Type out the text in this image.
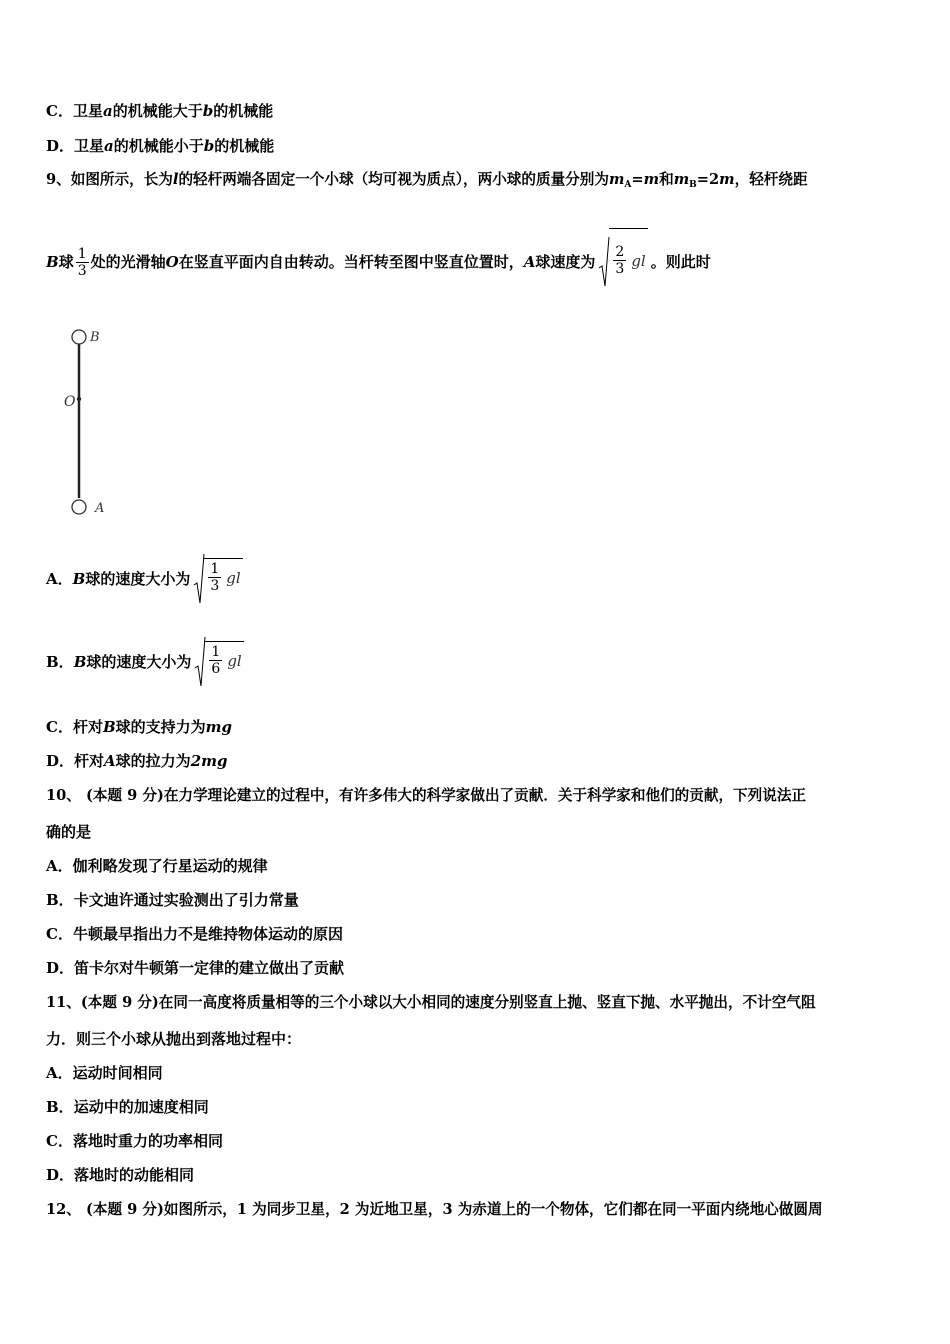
C．卫星a的机械能大于b的机械能
D．卫星a的机械能小于b的机械能
9、如图所示，长为l的轻杆两端各固定一个小球（均可视为质点），两小球的质量分别为$m_A=m$和$m_B=2m$，轻杆绕距
B 球 $\frac{1}{3}$ 处的光滑轴 O 在竖直平面内自由转动。当杆转至图中竖直位置时， A 球速度为 $\frac{2}{3}$ gl 。则此时
B
O
A
A． B 球的速度大小为 $\frac{1}{3}$ gl
B． B 球的速度大小为 $\frac{1}{6}$ gl
C．杆对B球的支持力为mg
D．杆对A球的拉力为2mg
10、 (本题 9 分)在力学理论建立的过程中，有许多伟大的科学家做出了贡献．关于科学家和他们的贡献，下列说法正
确的是
A．伽利略发现了行星运动的规律
B．卡文迪许通过实验测出了引力常量
C．牛顿最早指出力不是维持物体运动的原因
D．笛卡尔对牛顿第一定律的建立做出了贡献
11、(本题 9 分)在同一高度将质量相等的三个小球以大小相同的速度分别竖直上抛、竖直下抛、水平抛出，不计空气阻
力．则三个小球从抛出到落地过程中：
A．运动时间相同
B．运动中的加速度相同
C．落地时重力的功率相同
D．落地时的动能相同
12、 (本题 9 分)如图所示，1 为同步卫星，2 为近地卫星，3 为赤道上的一个物体，它们都在同一平面内绕地心做圆周
